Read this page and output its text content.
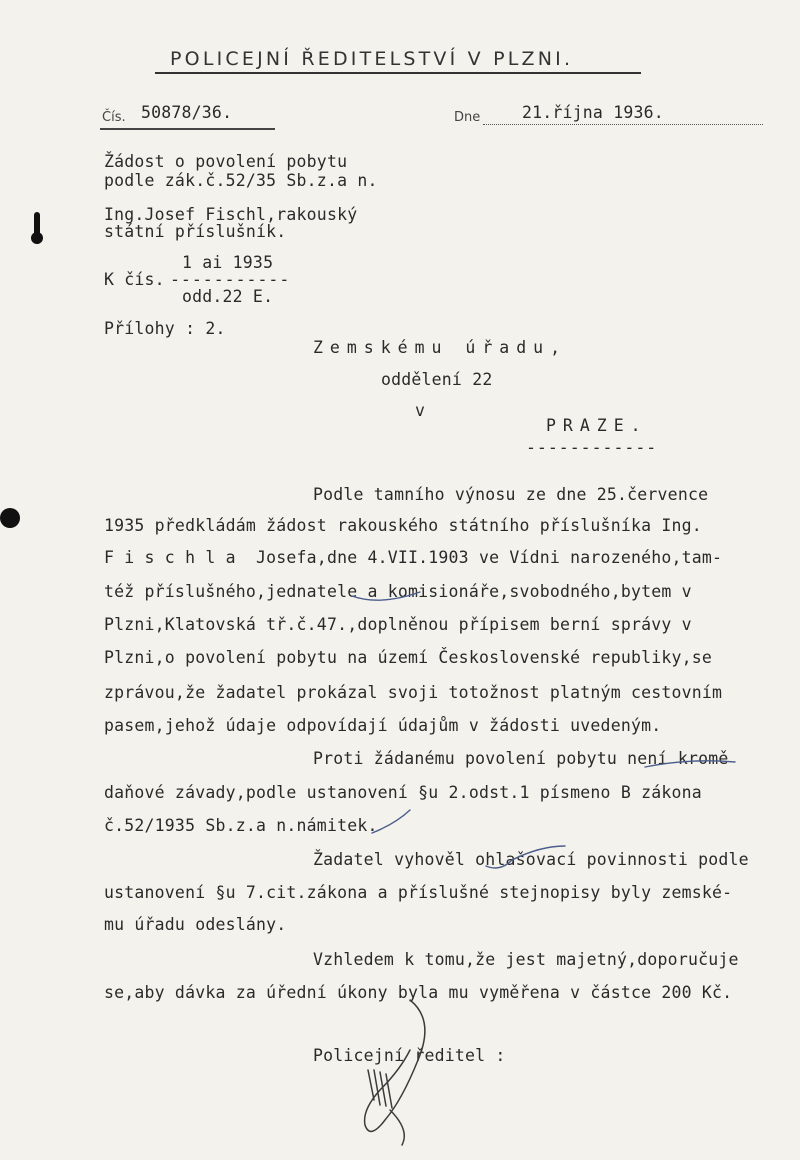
POLICEJNÍ ŘEDITELSTVÍ V PLZNI.
Čís. 50878/36.	Dne	21.října 1936.
Žádost o povolení pobytu
podle zák.č.52/35 Sb.z.a n.
Ing.Josef Fischl,rakouský
státní příslušník.
1 ai 1935
K čís. -----------
odd.22 E.
Přílohy : 2.
Zemskému úřadu,
oddělení 22
v
PRAZE.
------------
Podle tamního výnosu ze dne 25.července
1935 předkládám žádost rakouského státního příslušníka Ing.
F i s c h l a  Josefa,dne 4.VII.1903 ve Vídni narozeného,tam-
též příslušného,jednatele a komisionáře,svobodného,bytem v
Plzni,Klatovská tř.č.47.,doplněnou přípisem berní správy v
Plzni,o povolení pobytu na území Československé republiky,se
zprávou,že žadatel prokázal svoji totožnost platným cestovním
pasem,jehož údaje odpovídají údajům v žádosti uvedeným.
Proti žádanému povolení pobytu není kromě
daňové závady,podle ustanovení §u 2.odst.1 písmeno B zákona
č.52/1935 Sb.z.a n.námitek.
Žadatel vyhověl ohlašovací povinnosti podle
ustanovení §u 7.cit.zákona a příslušné stejnopisy byly zemské-
mu úřadu odeslány.
Vzhledem k tomu,že jest majetný,doporučuje
se,aby dávka za úřední úkony byla mu vyměřena v částce 200 Kč.
Policejní ředitel :
